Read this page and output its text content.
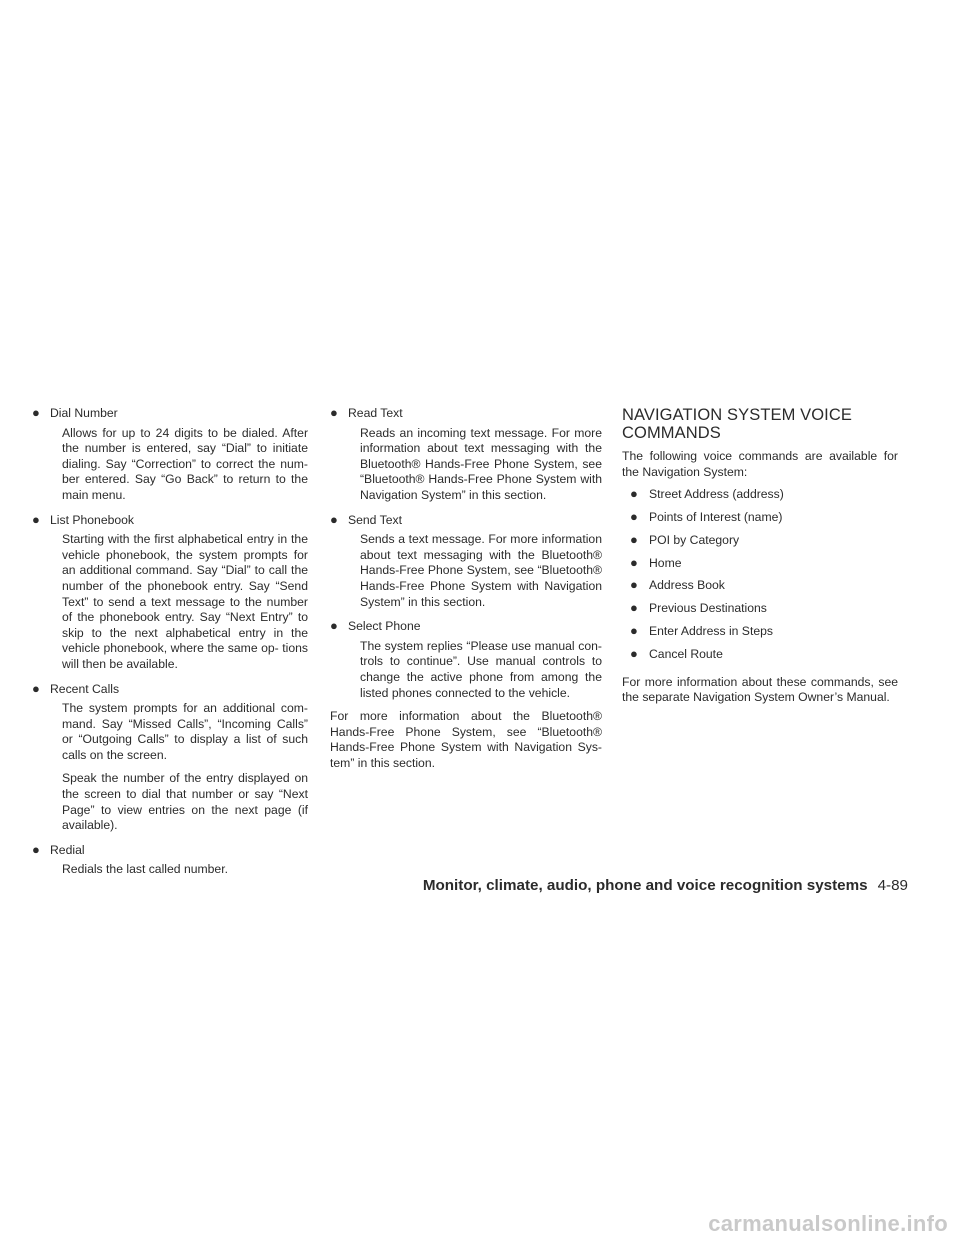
● Dial Number

Allows for up to 24 digits to be dialed. After the number is entered, say “Dial” to initiate dialing. Say “Correction” to correct the num- ber entered. Say “Go Back” to return to the main menu.

● List Phonebook

Starting with the first alphabetical entry in the vehicle phonebook, the system prompts for an additional command. Say “Dial” to call the number of the phonebook entry. Say “Send Text” to send a text message to the number of the phonebook entry. Say “Next Entry” to skip to the next alphabetical entry in the vehicle phonebook, where the same op- tions will then be available.

● Recent Calls

The system prompts for an additional com- mand. Say “Missed Calls”, “Incoming Calls” or “Outgoing Calls” to display a list of such calls on the screen.

Speak the number of the entry displayed on the screen to dial that number or say “Next Page” to view entries on the next page (if available).

● Redial

Redials the last called number.

● Read Text

Reads an incoming text message. For more information about text messaging with the Bluetooth® Hands-Free Phone System, see “Bluetooth® Hands-Free Phone System with Navigation System” in this section.

● Send Text

Sends a text message. For more information about text messaging with the Bluetooth® Hands-Free Phone System, see “Bluetooth® Hands-Free Phone System with Navigation System” in this section.

● Select Phone

The system replies “Please use manual con- trols to continue”. Use manual controls to change the active phone from among the listed phones connected to the vehicle.

For more information about the Bluetooth® Hands-Free Phone System, see “Bluetooth® Hands-Free Phone System with Navigation Sys- tem” in this section.

NAVIGATION SYSTEM VOICE COMMANDS

The following voice commands are available for the Navigation System:

● Street Address (address)
● Points of Interest (name)
● POI by Category
● Home
● Address Book
● Previous Destinations
● Enter Address in Steps
● Cancel Route

For more information about these commands, see the separate Navigation System Owner’s Manual.

Monitor, climate, audio, phone and voice recognition systems 4-89
carmanualsonline.info
